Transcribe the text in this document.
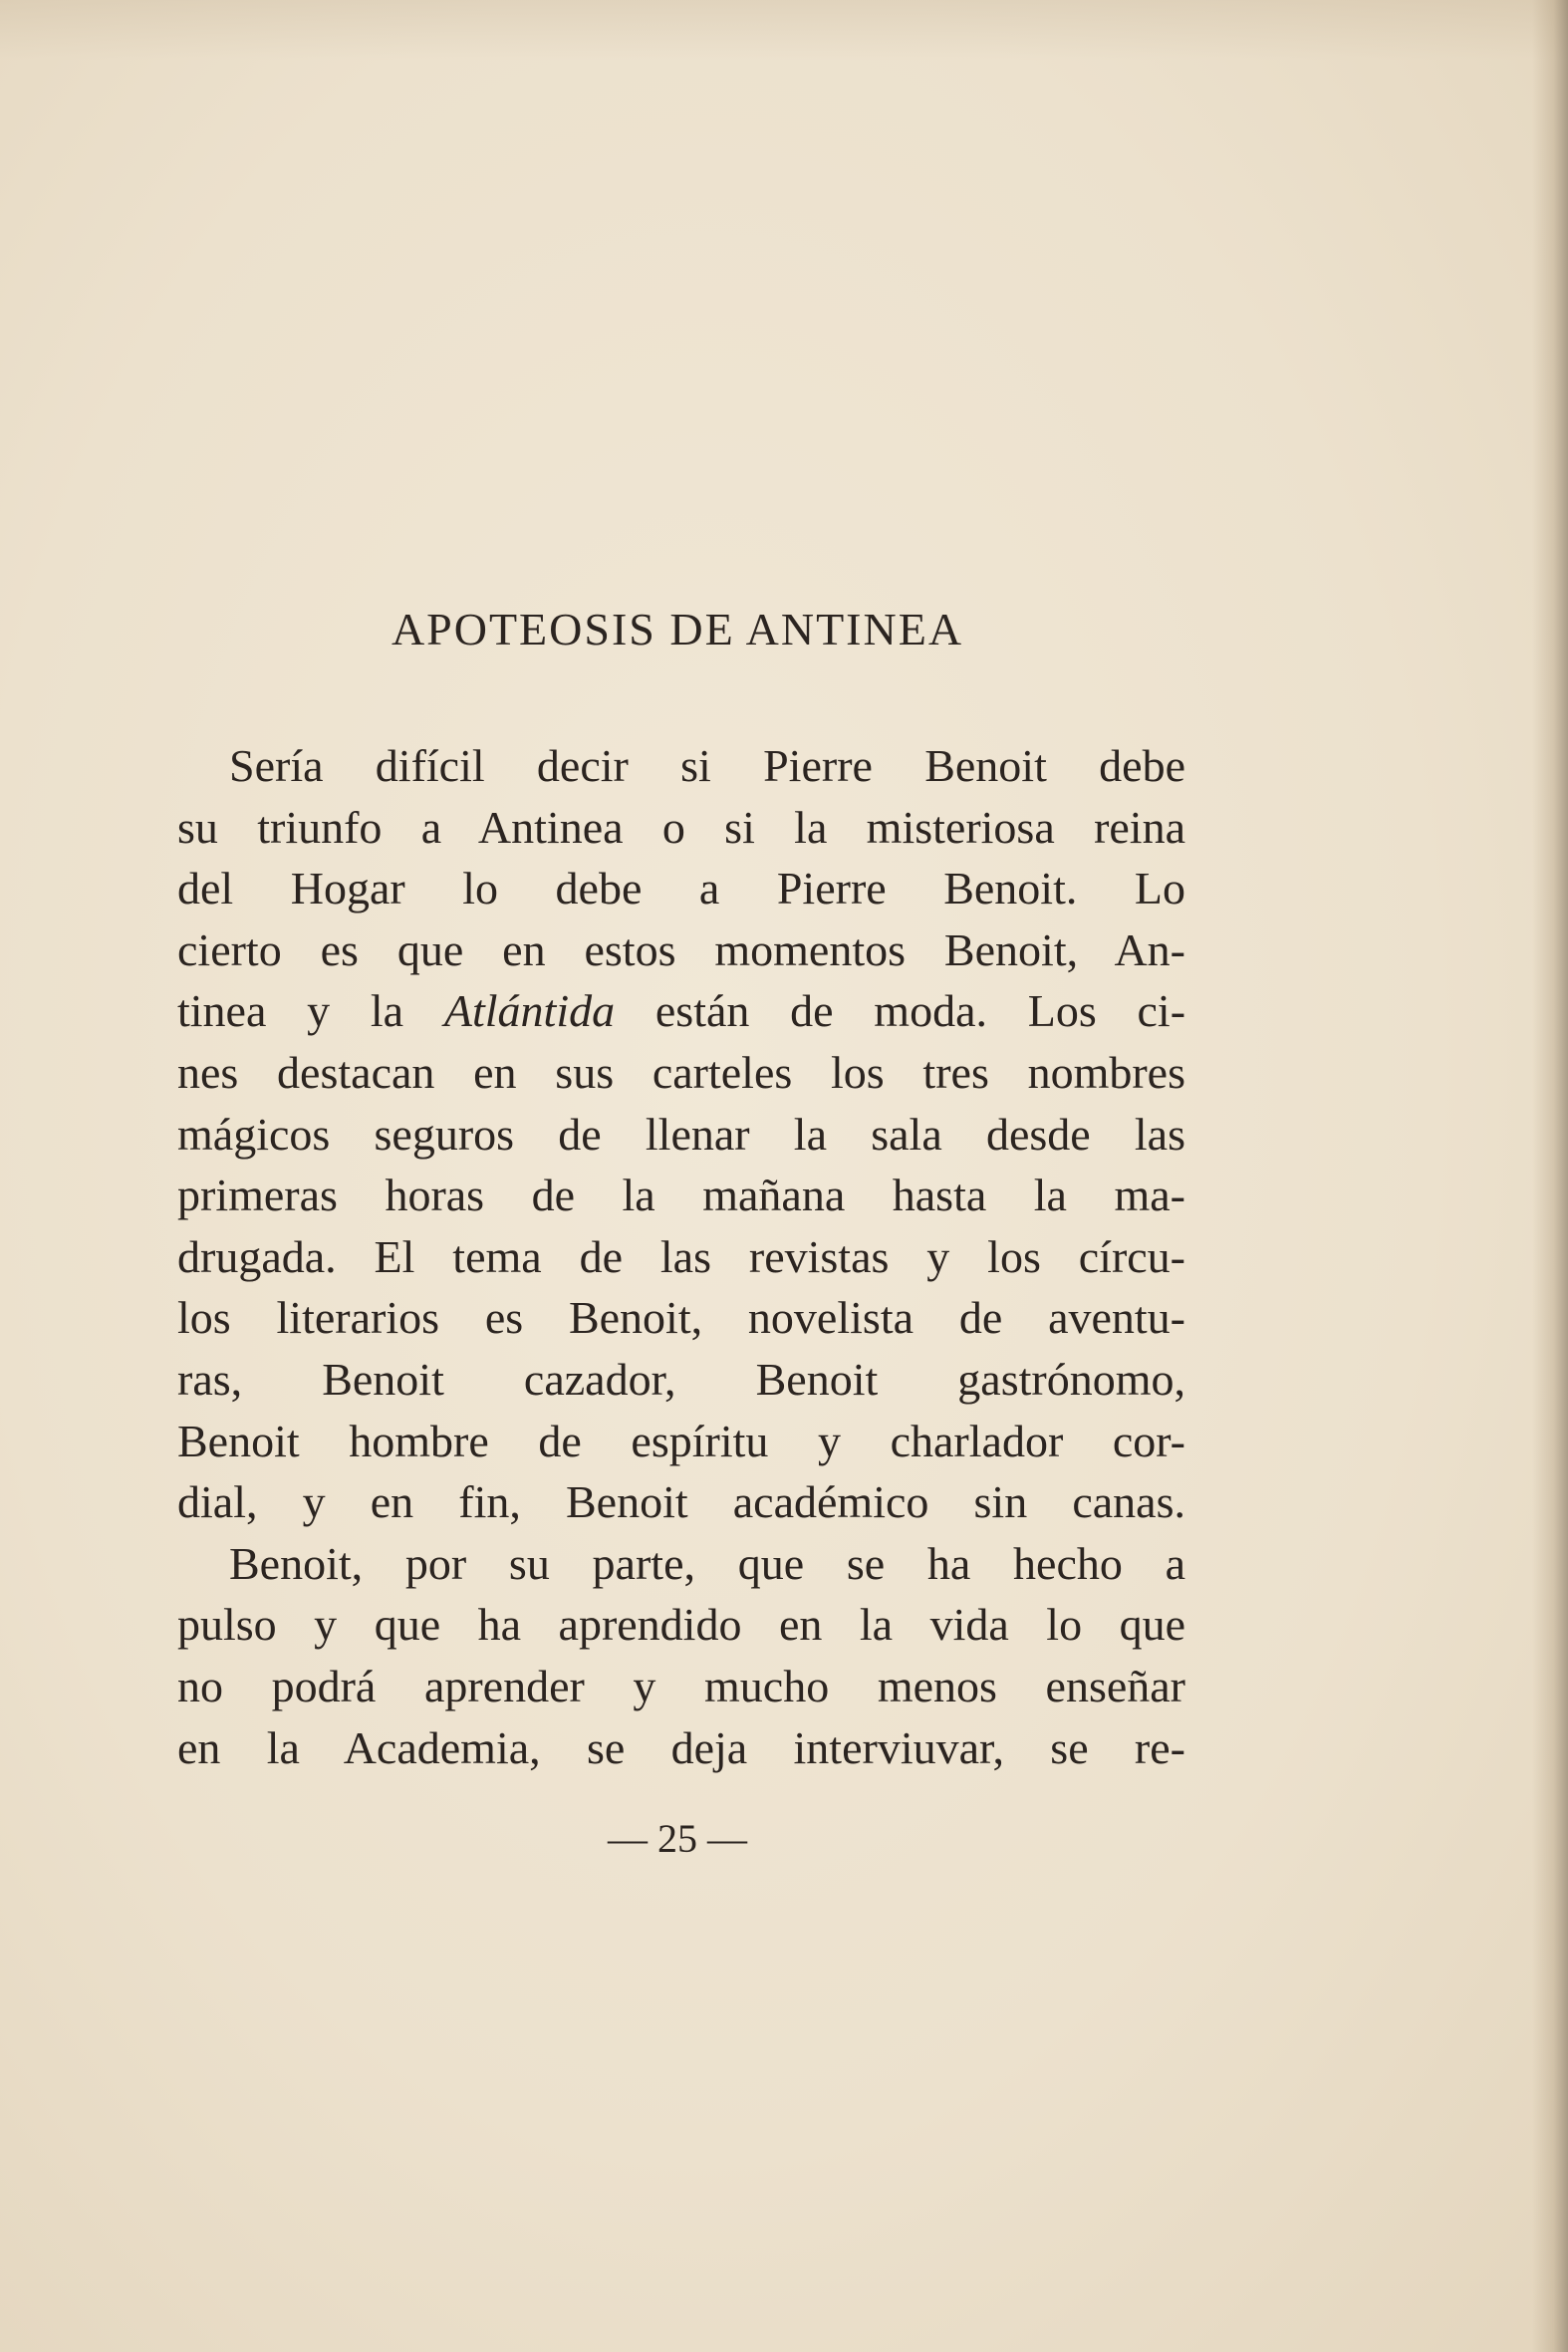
APOTEOSIS DE ANTINEA
Sería difícil decir si Pierre Benoit debe
su triunfo a Antinea o si la misteriosa reina
del Hogar lo debe a Pierre Benoit. Lo
cierto es que en estos momentos Benoit, An-
tinea y la Atlántida están de moda. Los ci-
nes destacan en sus carteles los tres nombres
mágicos seguros de llenar la sala desde las
primeras horas de la mañana hasta la ma-
drugada. El tema de las revistas y los círcu-
los literarios es Benoit, novelista de aventu-
ras, Benoit cazador, Benoit gastrónomo,
Benoit hombre de espíritu y charlador cor-
dial, y en fin, Benoit académico sin canas.
Benoit, por su parte, que se ha hecho a
pulso y que ha aprendido en la vida lo que
no podrá aprender y mucho menos enseñar
en la Academia, se deja interviuvar, se re-
— 25 —
